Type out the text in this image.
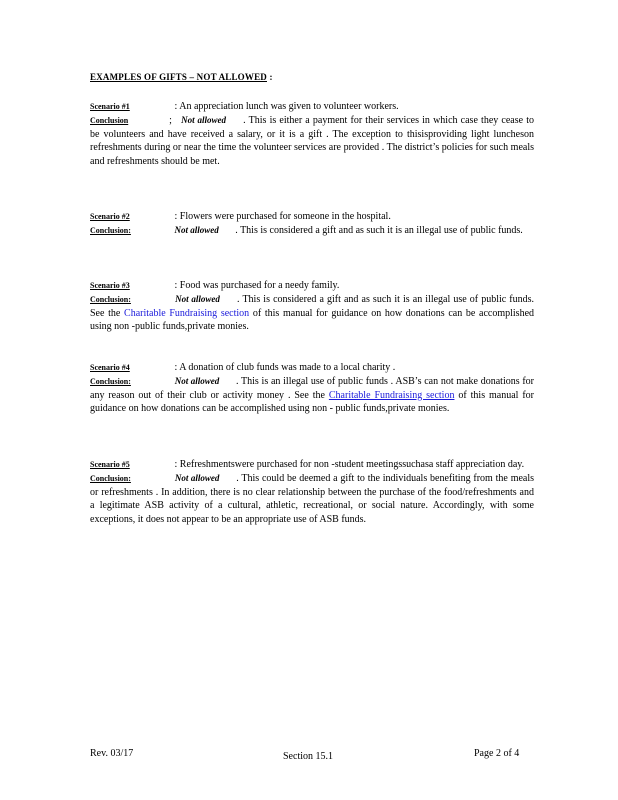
EXAMPLES OF GIFTS – NOT ALLOWED :
Scenario #1	: An appreciation lunch was given to volunteer workers.
Conclusion	; Not allowed . This is either a payment for their services in which case they cease to be volunteers and have received a salary, or it is a gift . The exception to thisisproviding light luncheson refreshments during or near the time the volunteer services are provided . The district’s policies for such meals and refreshments should be met.
Scenario #2	: Flowers were purchased for someone in the hospital.
Conclusion:	Not allowed . This is considered a gift and as such it is an illegal use of public funds.
Scenario #3	: Food was purchased for a needy family.
Conclusion:	Not allowed . This is considered a gift and as such it is an illegal use of public funds. See the Charitable Fundraising section of this manual for guidance on how donations can be accomplished using non -public funds,private monies.
Scenario #4	: A donation of club funds was made to a local charity .
Conclusion:	Not allowed . This is an illegal use of public funds . ASB’s can not make donations for any reason out of their club or activity money . See the Charitable Fundraising section of this manual for guidance on how donations can be accomplished using non - public funds,private monies.
Scenario #5	: Refreshmentswere purchased for non -student meetingssuchasa staff appreciation day.
Conclusion:	Not allowed . This could be deemed a gift to the individuals benefiting from the meals or refreshments . In addition, there is no clear relationship between the purchase of the food/refreshments and a legitimate ASB activity of a cultural, athletic, recreational, or social nature. Accordingly, with some exceptions, it does not appear to be an appropriate use of ASB funds.
Rev. 03/17	Section 15.1	Page 2 of 4
